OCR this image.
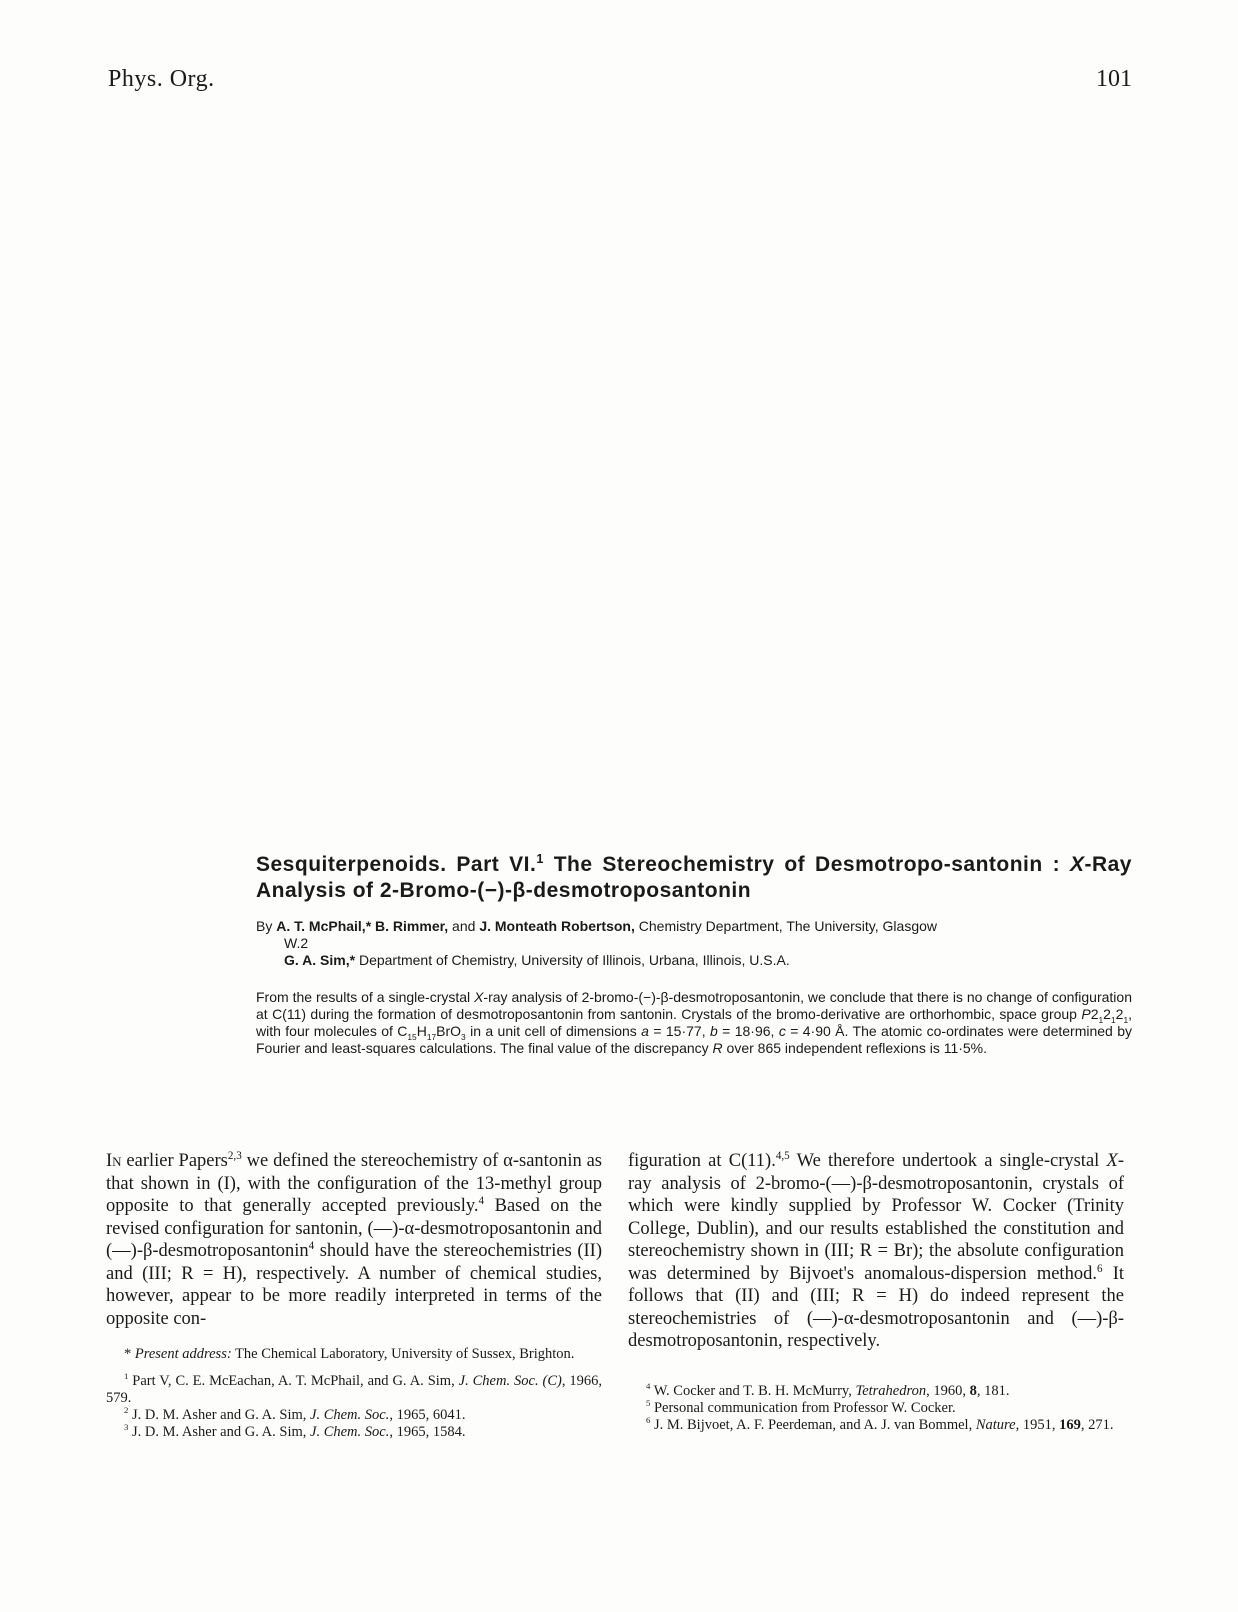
Phys. Org.	101
Sesquiterpenoids. Part VI.$^1$ The Stereochemistry of Desmotropo-santonin : X-Ray Analysis of 2-Bromo-(−)-β-desmotroposantonin

By A. T. McPhail,* B. Rimmer, and J. Monteath Robertson, Chemistry Department, The University, Glasgow

W.2

G. A. Sim,* Department of Chemistry, University of Illinois, Urbana, Illinois, U.S.A.

From the results of a single-crystal X-ray analysis of 2-bromo-(−)-β-desmotroposantonin, we conclude that there is no change of configuration at C(11) during the formation of desmotroposantonin from santonin. Crystals of the bromo-derivative are orthorhombic, space group $P2_12_12_1$, with four molecules of $C_{15}H_{17}BrO_3$ in a unit cell of dimensions a = 15·77, b = 18·96, c = 4·90 Å. The atomic co-ordinates were determined by Fourier and least-squares calculations. The final value of the discrepancy R over 865 independent reflexions is 11·5%.

In earlier Papers$^{2,3}$ we defined the stereochemistry of α-santonin as that shown in (I), with the configuration of the 13-methyl group opposite to that generally accepted previously.$^4$ Based on the revised configuration for santonin, (—)-α-desmotroposantonin and (—)-β-desmotroposantonin$^4$ should have the stereochemistries (II) and (III; R = H), respectively. A number of chemical studies, however, appear to be more readily interpreted in terms of the opposite con-

* Present address: The Chemical Laboratory, University of Sussex, Brighton.

$^1$ Part V, C. E. McEachan, A. T. McPhail, and G. A. Sim, J. Chem. Soc. (C), 1966, 579.

$^2$ J. D. M. Asher and G. A. Sim, J. Chem. Soc., 1965, 6041.

$^3$ J. D. M. Asher and G. A. Sim, J. Chem. Soc., 1965, 1584.

figuration at C(11).$^{4,5}$ We therefore undertook a single-crystal X-ray analysis of 2-bromo-(—)-β-desmotroposantonin, crystals of which were kindly supplied by Professor W. Cocker (Trinity College, Dublin), and our results established the constitution and stereochemistry shown in (III; R = Br); the absolute configuration was determined by Bijvoet's anomalous-dispersion method.$^6$ It follows that (II) and (III; R = H) do indeed represent the stereochemistries of (—)-α-desmotroposantonin and (—)-β-desmotroposantonin, respectively.

$^4$ W. Cocker and T. B. H. McMurry, Tetrahedron, 1960, 8, 181.

$^5$ Personal communication from Professor W. Cocker.

$^6$ J. M. Bijvoet, A. F. Peerdeman, and A. J. van Bommel, Nature, 1951, 169, 271.
